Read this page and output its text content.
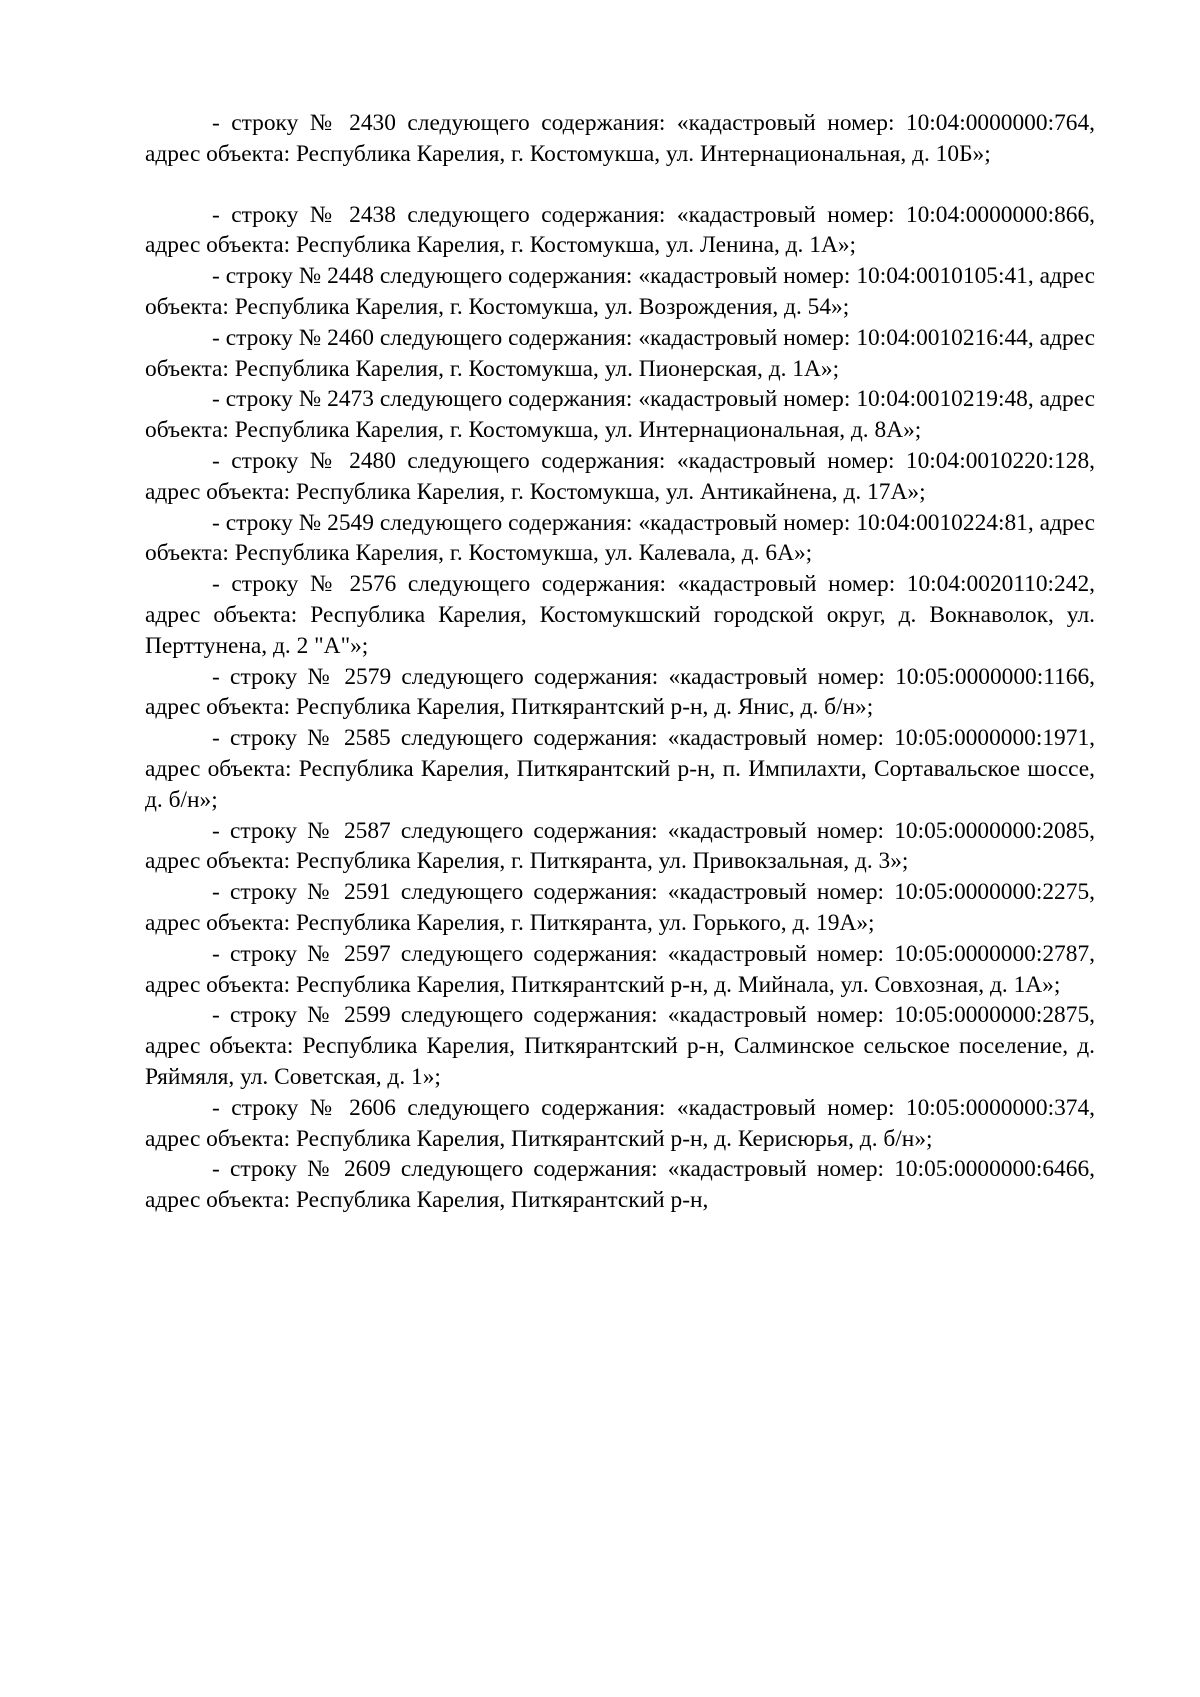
- строку № 2430 следующего содержания: «кадастровый номер: 10:04:0000000:764, адрес объекта: Республика Карелия, г. Костомукша, ул. Интернациональная, д. 10Б»;

- строку № 2438 следующего содержания: «кадастровый номер: 10:04:0000000:866, адрес объекта: Республика Карелия, г. Костомукша, ул. Ленина, д. 1А»;

- строку № 2448 следующего содержания: «кадастровый номер: 10:04:0010105:41, адрес объекта: Республика Карелия, г. Костомукша, ул. Возрождения, д. 54»;

- строку № 2460 следующего содержания: «кадастровый номер: 10:04:0010216:44, адрес объекта: Республика Карелия, г. Костомукша, ул. Пионерская, д. 1А»;

- строку № 2473 следующего содержания: «кадастровый номер: 10:04:0010219:48, адрес объекта: Республика Карелия, г. Костомукша, ул. Интернациональная, д. 8А»;

- строку № 2480 следующего содержания: «кадастровый номер: 10:04:0010220:128, адрес объекта: Республика Карелия, г. Костомукша, ул. Антикайнена, д. 17А»;

- строку № 2549 следующего содержания: «кадастровый номер: 10:04:0010224:81, адрес объекта: Республика Карелия, г. Костомукша, ул. Калевала, д. 6А»;

- строку № 2576 следующего содержания: «кадастровый номер: 10:04:0020110:242, адрес объекта: Республика Карелия, Костомукшский городской округ, д. Вокнаволок, ул. Перттунена, д. 2 "А"»;

- строку № 2579 следующего содержания: «кадастровый номер: 10:05:0000000:1166, адрес объекта: Республика Карелия, Питкярантский р-н, д. Янис, д. б/н»;

- строку № 2585 следующего содержания: «кадастровый номер: 10:05:0000000:1971, адрес объекта: Республика Карелия, Питкярантский р-н, п. Импилахти, Сортавальское шоссе, д. б/н»;

- строку № 2587 следующего содержания: «кадастровый номер: 10:05:0000000:2085, адрес объекта: Республика Карелия, г. Питкяранта, ул. Привокзальная, д. 3»;

- строку № 2591 следующего содержания: «кадастровый номер: 10:05:0000000:2275, адрес объекта: Республика Карелия, г. Питкяранта, ул. Горького, д. 19А»;

- строку № 2597 следующего содержания: «кадастровый номер: 10:05:0000000:2787, адрес объекта: Республика Карелия, Питкярантский р-н, д. Мийнала, ул. Совхозная, д. 1А»;

- строку № 2599 следующего содержания: «кадастровый номер: 10:05:0000000:2875, адрес объекта: Республика Карелия, Питкярантский р-н, Салминское сельское поселение, д. Ряймяля, ул. Советская, д. 1»;

- строку № 2606 следующего содержания: «кадастровый номер: 10:05:0000000:374, адрес объекта: Республика Карелия, Питкярантский р-н, д. Керисюрья, д. б/н»;

- строку № 2609 следующего содержания: «кадастровый номер: 10:05:0000000:6466, адрес объекта: Республика Карелия, Питкярантский р-н,
